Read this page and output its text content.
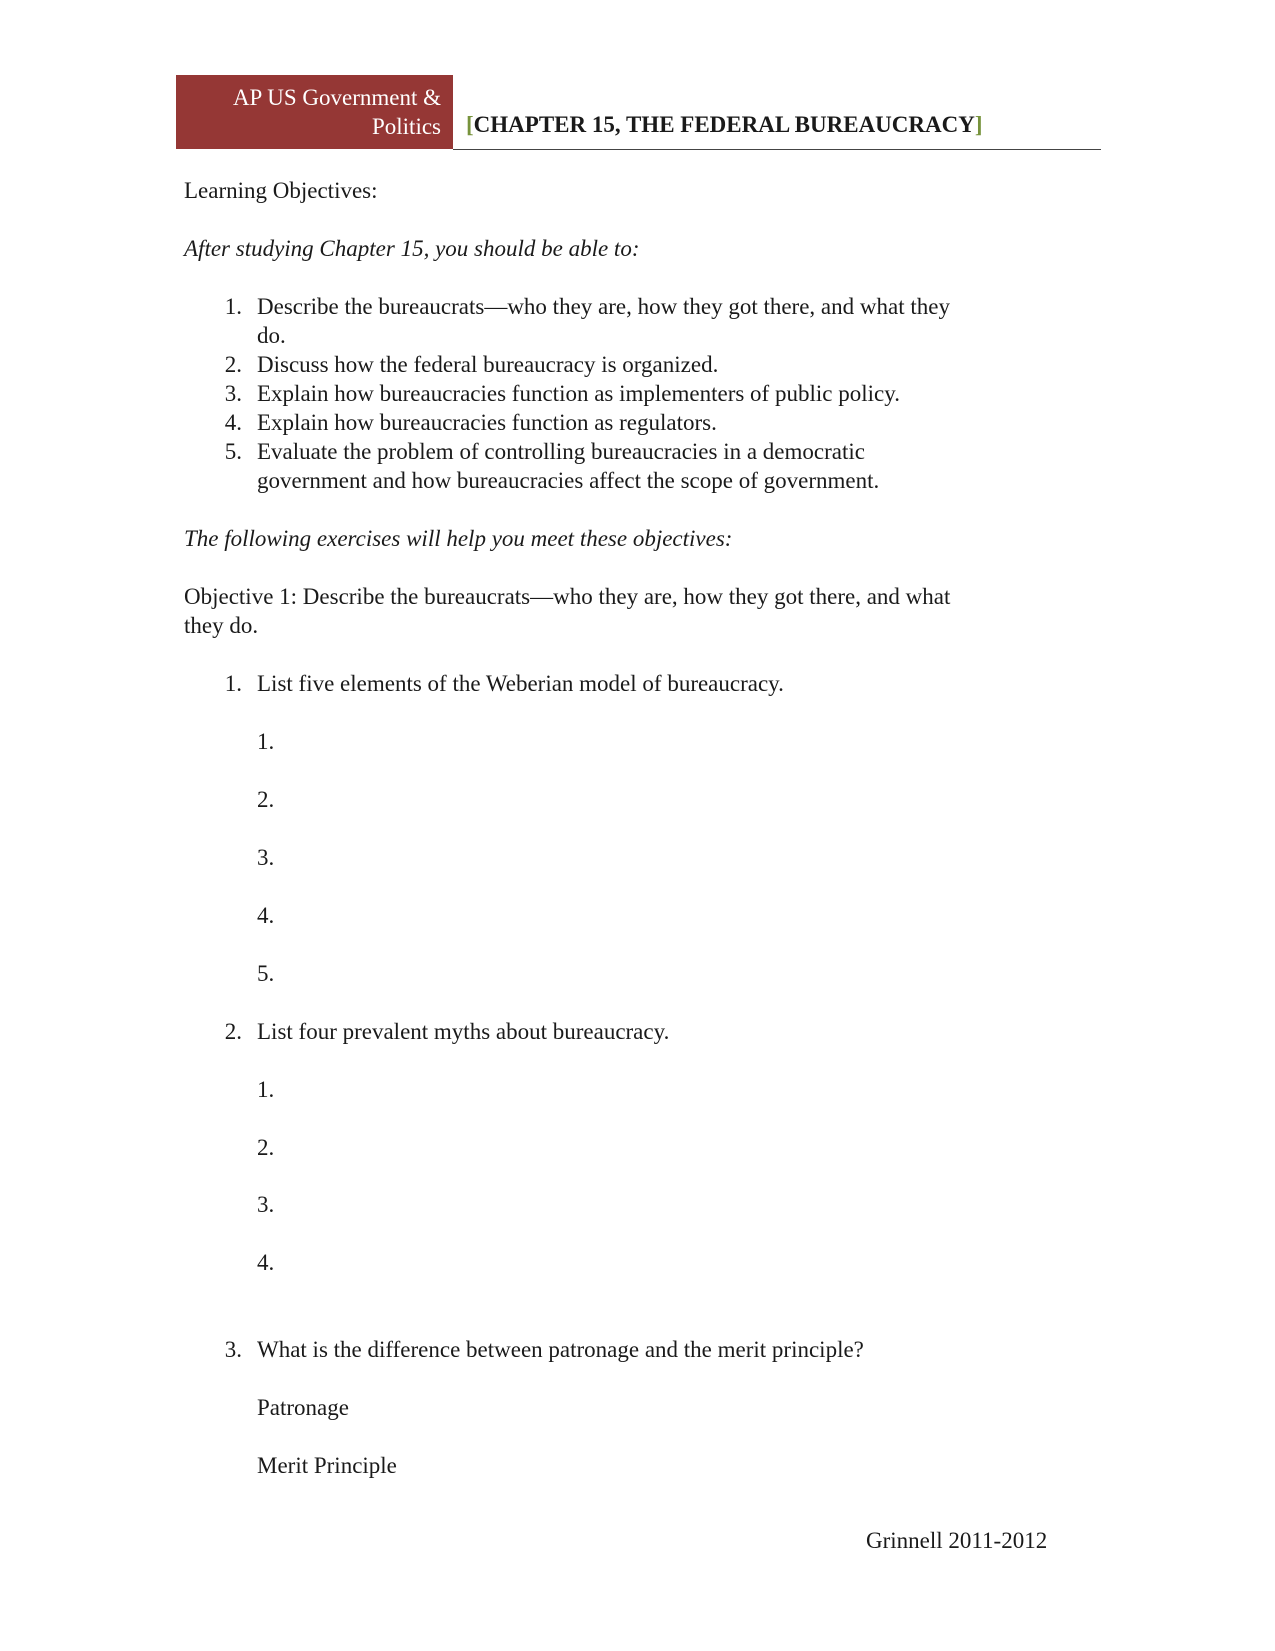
AP US Government &
Politics [CHAPTER 15, THE FEDERAL BUREAUCRACY]
Learning Objectives:
After studying Chapter 15, you should be able to:
1. Describe the bureaucrats—who they are, how they got there, and what they
do.
2. Discuss how the federal bureaucracy is organized.
3. Explain how bureaucracies function as implementers of public policy.
4. Explain how bureaucracies function as regulators.
5. Evaluate the problem of controlling bureaucracies in a democratic
government and how bureaucracies affect the scope of government.
The following exercises will help you meet these objectives:
Objective 1: Describe the bureaucrats—who they are, how they got there, and what
they do.
1. List five elements of the Weberian model of bureaucracy.
1.
2.
3.
4.
5.
2. List four prevalent myths about bureaucracy.
1.
2.
3.
4.
3. What is the difference between patronage and the merit principle?
Patronage
Merit Principle
Grinnell 2011-2012
